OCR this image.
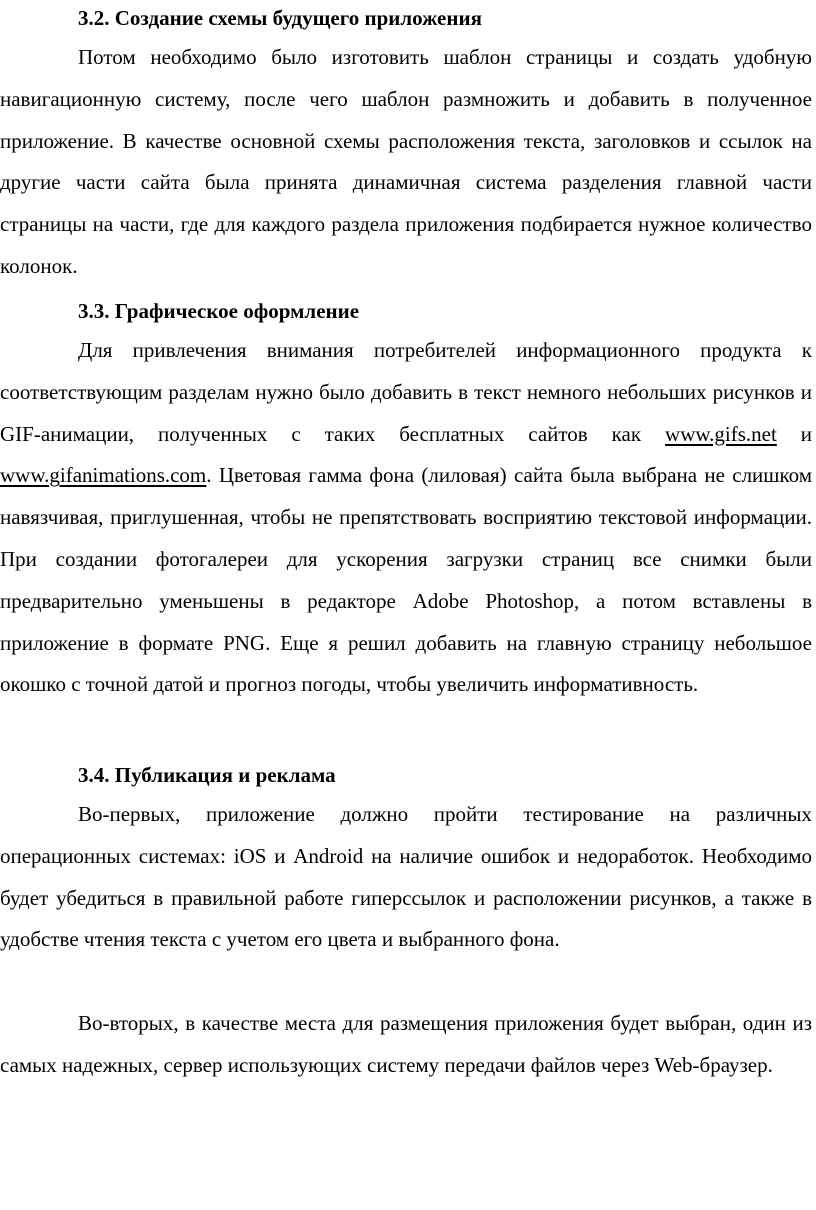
3.2. Создание схемы будущего приложения

Потом необходимо было изготовить шаблон страницы и создать удобную навигационную систему, после чего шаблон размножить и добавить в полученное приложение. В качестве основной схемы расположения текста, заголовков и ссылок на другие части сайта была принята динамичная система разделения главной части страницы на части, где для каждого раздела приложения подбирается нужное количество колонок.

3.3. Графическое оформление

Для привлечения внимания потребителей информационного продукта к соответствующим разделам нужно было добавить в текст немного небольших рисунков и GIF-анимации, полученных с таких бесплатных сайтов как www.gifs.net и www.gifanimations.com. Цветовая гамма фона (лиловая) сайта была выбрана не слишком навязчивая, приглушенная, чтобы не препятствовать восприятию текстовой информации. При создании фотогалереи для ускорения загрузки страниц все снимки были предварительно уменьшены в редакторе Adobe Photoshop, а потом вставлены в приложение в формате PNG. Еще я решил добавить на главную страницу небольшое окошко с точной датой и прогноз погоды, чтобы увеличить информативность.

3.4. Публикация и реклама

Во-первых, приложение должно пройти тестирование на различных операционных системах: iOS и Android на наличие ошибок и недоработок. Необходимо будет убедиться в правильной работе гиперссылок и расположении рисунков, а также в удобстве чтения текста с учетом его цвета и выбранного фона.

Во-вторых, в качестве места для размещения приложения будет выбран, один из самых надежных, сервер использующих систему передачи файлов через Web-браузер.
